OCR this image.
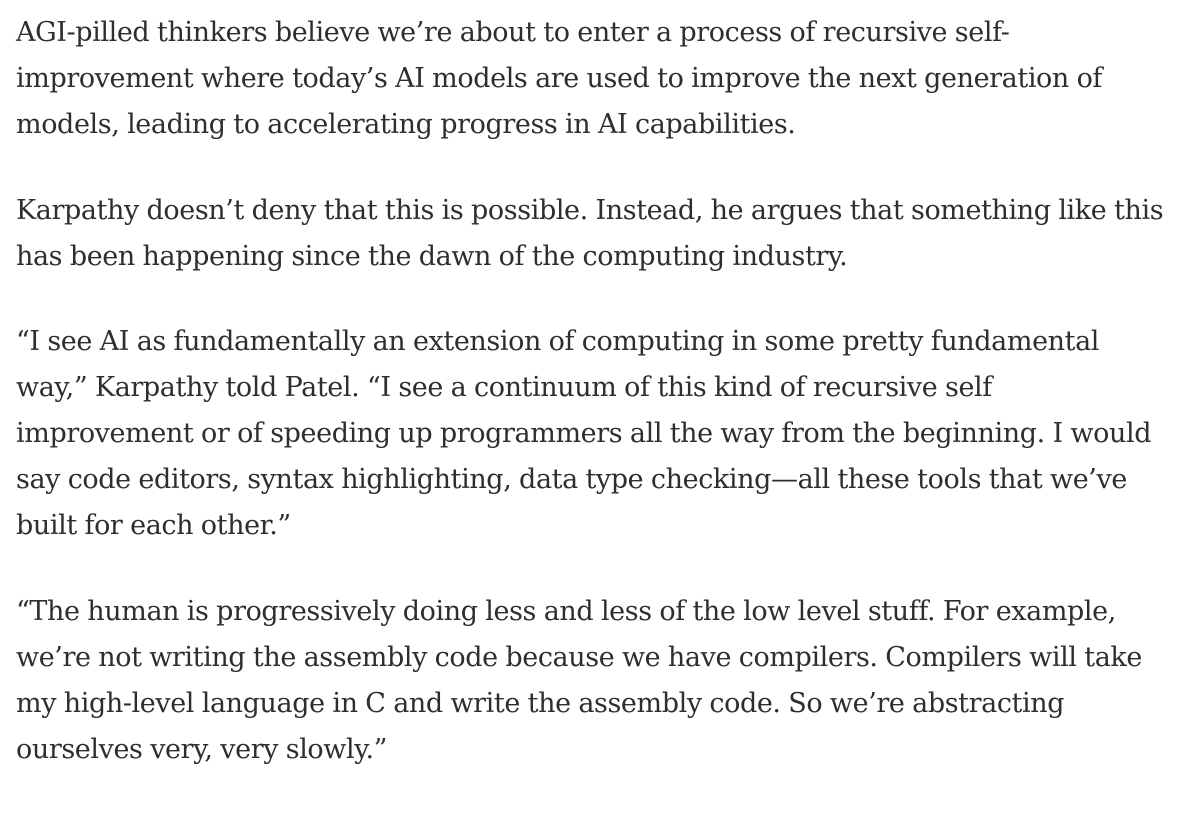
AGI-pilled thinkers believe we’re about to enter a process of recursive self-
improvement where today’s AI models are used to improve the next generation of
models, leading to accelerating progress in AI capabilities.

Karpathy doesn’t deny that this is possible. Instead, he argues that something like this
has been happening since the dawn of the computing industry.

“I see AI as fundamentally an extension of computing in some pretty fundamental
way,” Karpathy told Patel. “I see a continuum of this kind of recursive self
improvement or of speeding up programmers all the way from the beginning. I would
say code editors, syntax highlighting, data type checking—all these tools that we’ve
built for each other.”

“The human is progressively doing less and less of the low level stuff. For example,
we’re not writing the assembly code because we have compilers. Compilers will take
my high-level language in C and write the assembly code. So we’re abstracting
ourselves very, very slowly.”
